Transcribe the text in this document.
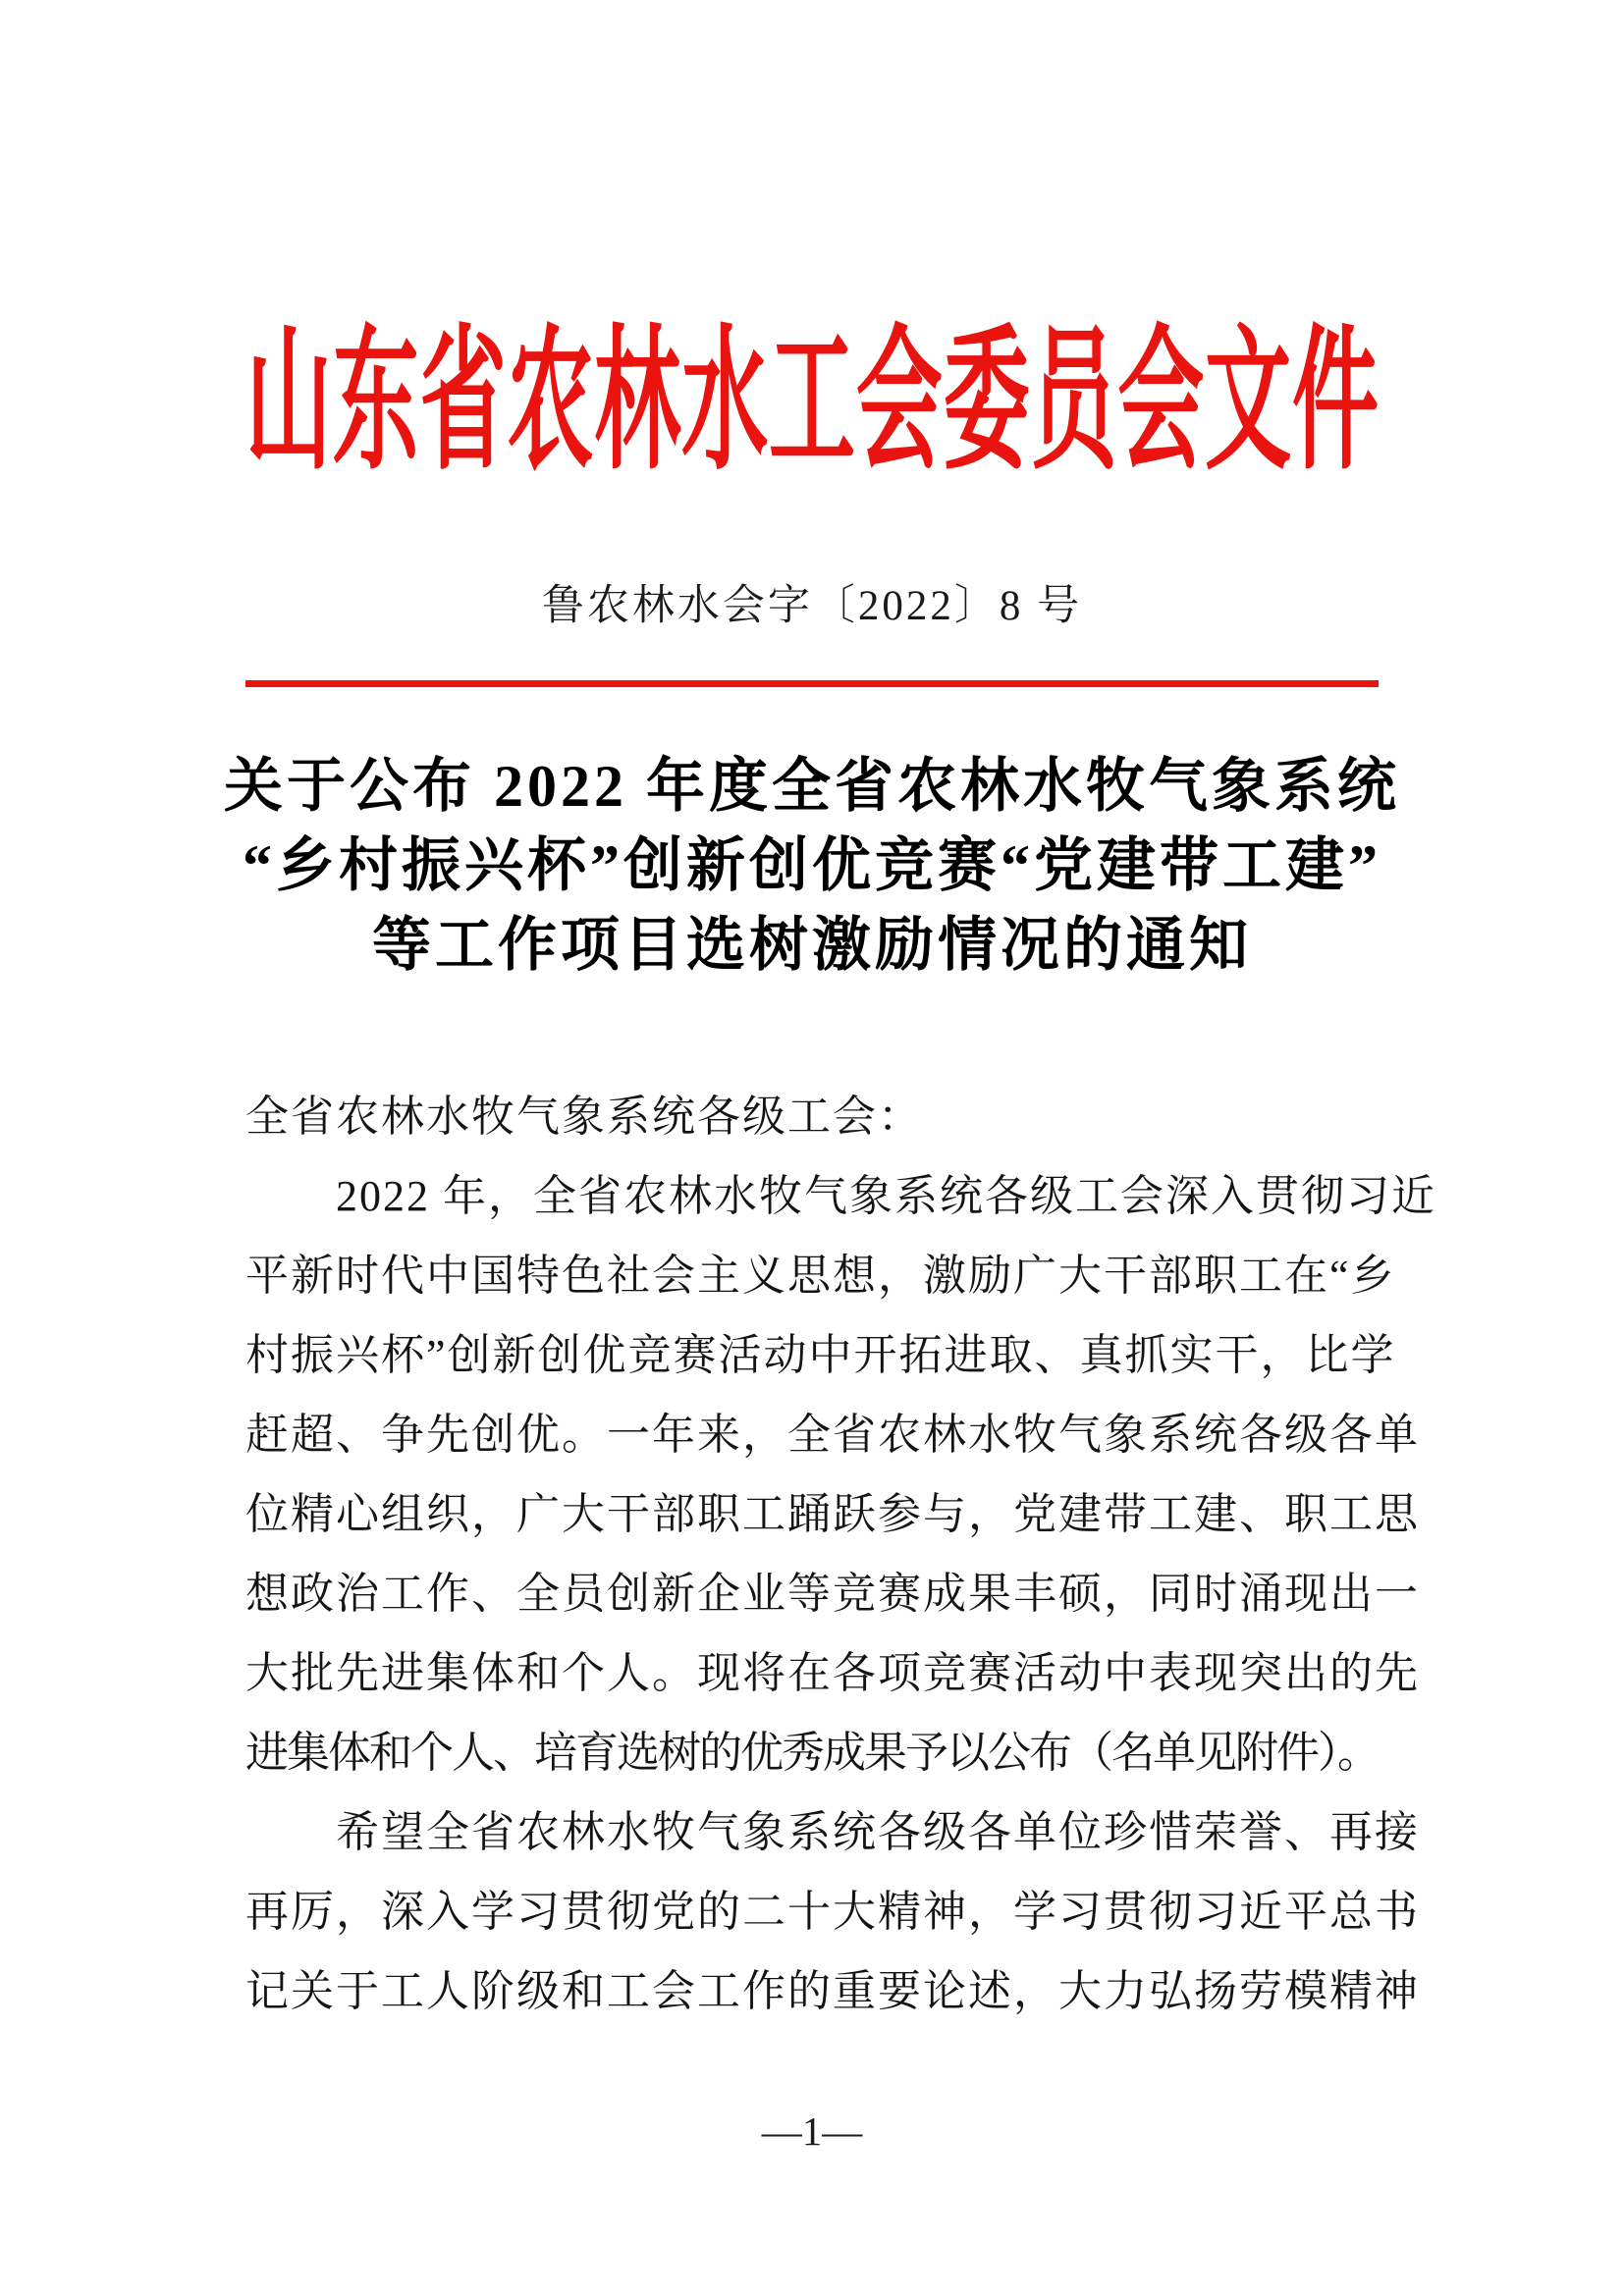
山东省农林水工会委员会文件
鲁农林水会字〔2022〕8 号
关于公布 2022 年度全省农林水牧气象系统
“乡村振兴杯”创新创优竞赛“党建带工建”
等工作项目选树激励情况的通知
全省农林水牧气象系统各级工会：
2022 年，全省农林水牧气象系统各级工会深入贯彻习近
平新时代中国特色社会主义思想，激励广大干部职工在“乡
村振兴杯”创新创优竞赛活动中开拓进取、真抓实干，比学
赶超、争先创优。一年来，全省农林水牧气象系统各级各单
位精心组织，广大干部职工踊跃参与，党建带工建、职工思
想政治工作、全员创新企业等竞赛成果丰硕，同时涌现出一
大批先进集体和个人。现将在各项竞赛活动中表现突出的先
进集体和个人、培育选树的优秀成果予以公布（名单见附件）。
希望全省农林水牧气象系统各级各单位珍惜荣誉、再接
再厉，深入学习贯彻党的二十大精神，学习贯彻习近平总书
记关于工人阶级和工会工作的重要论述，大力弘扬劳模精神
—1—
